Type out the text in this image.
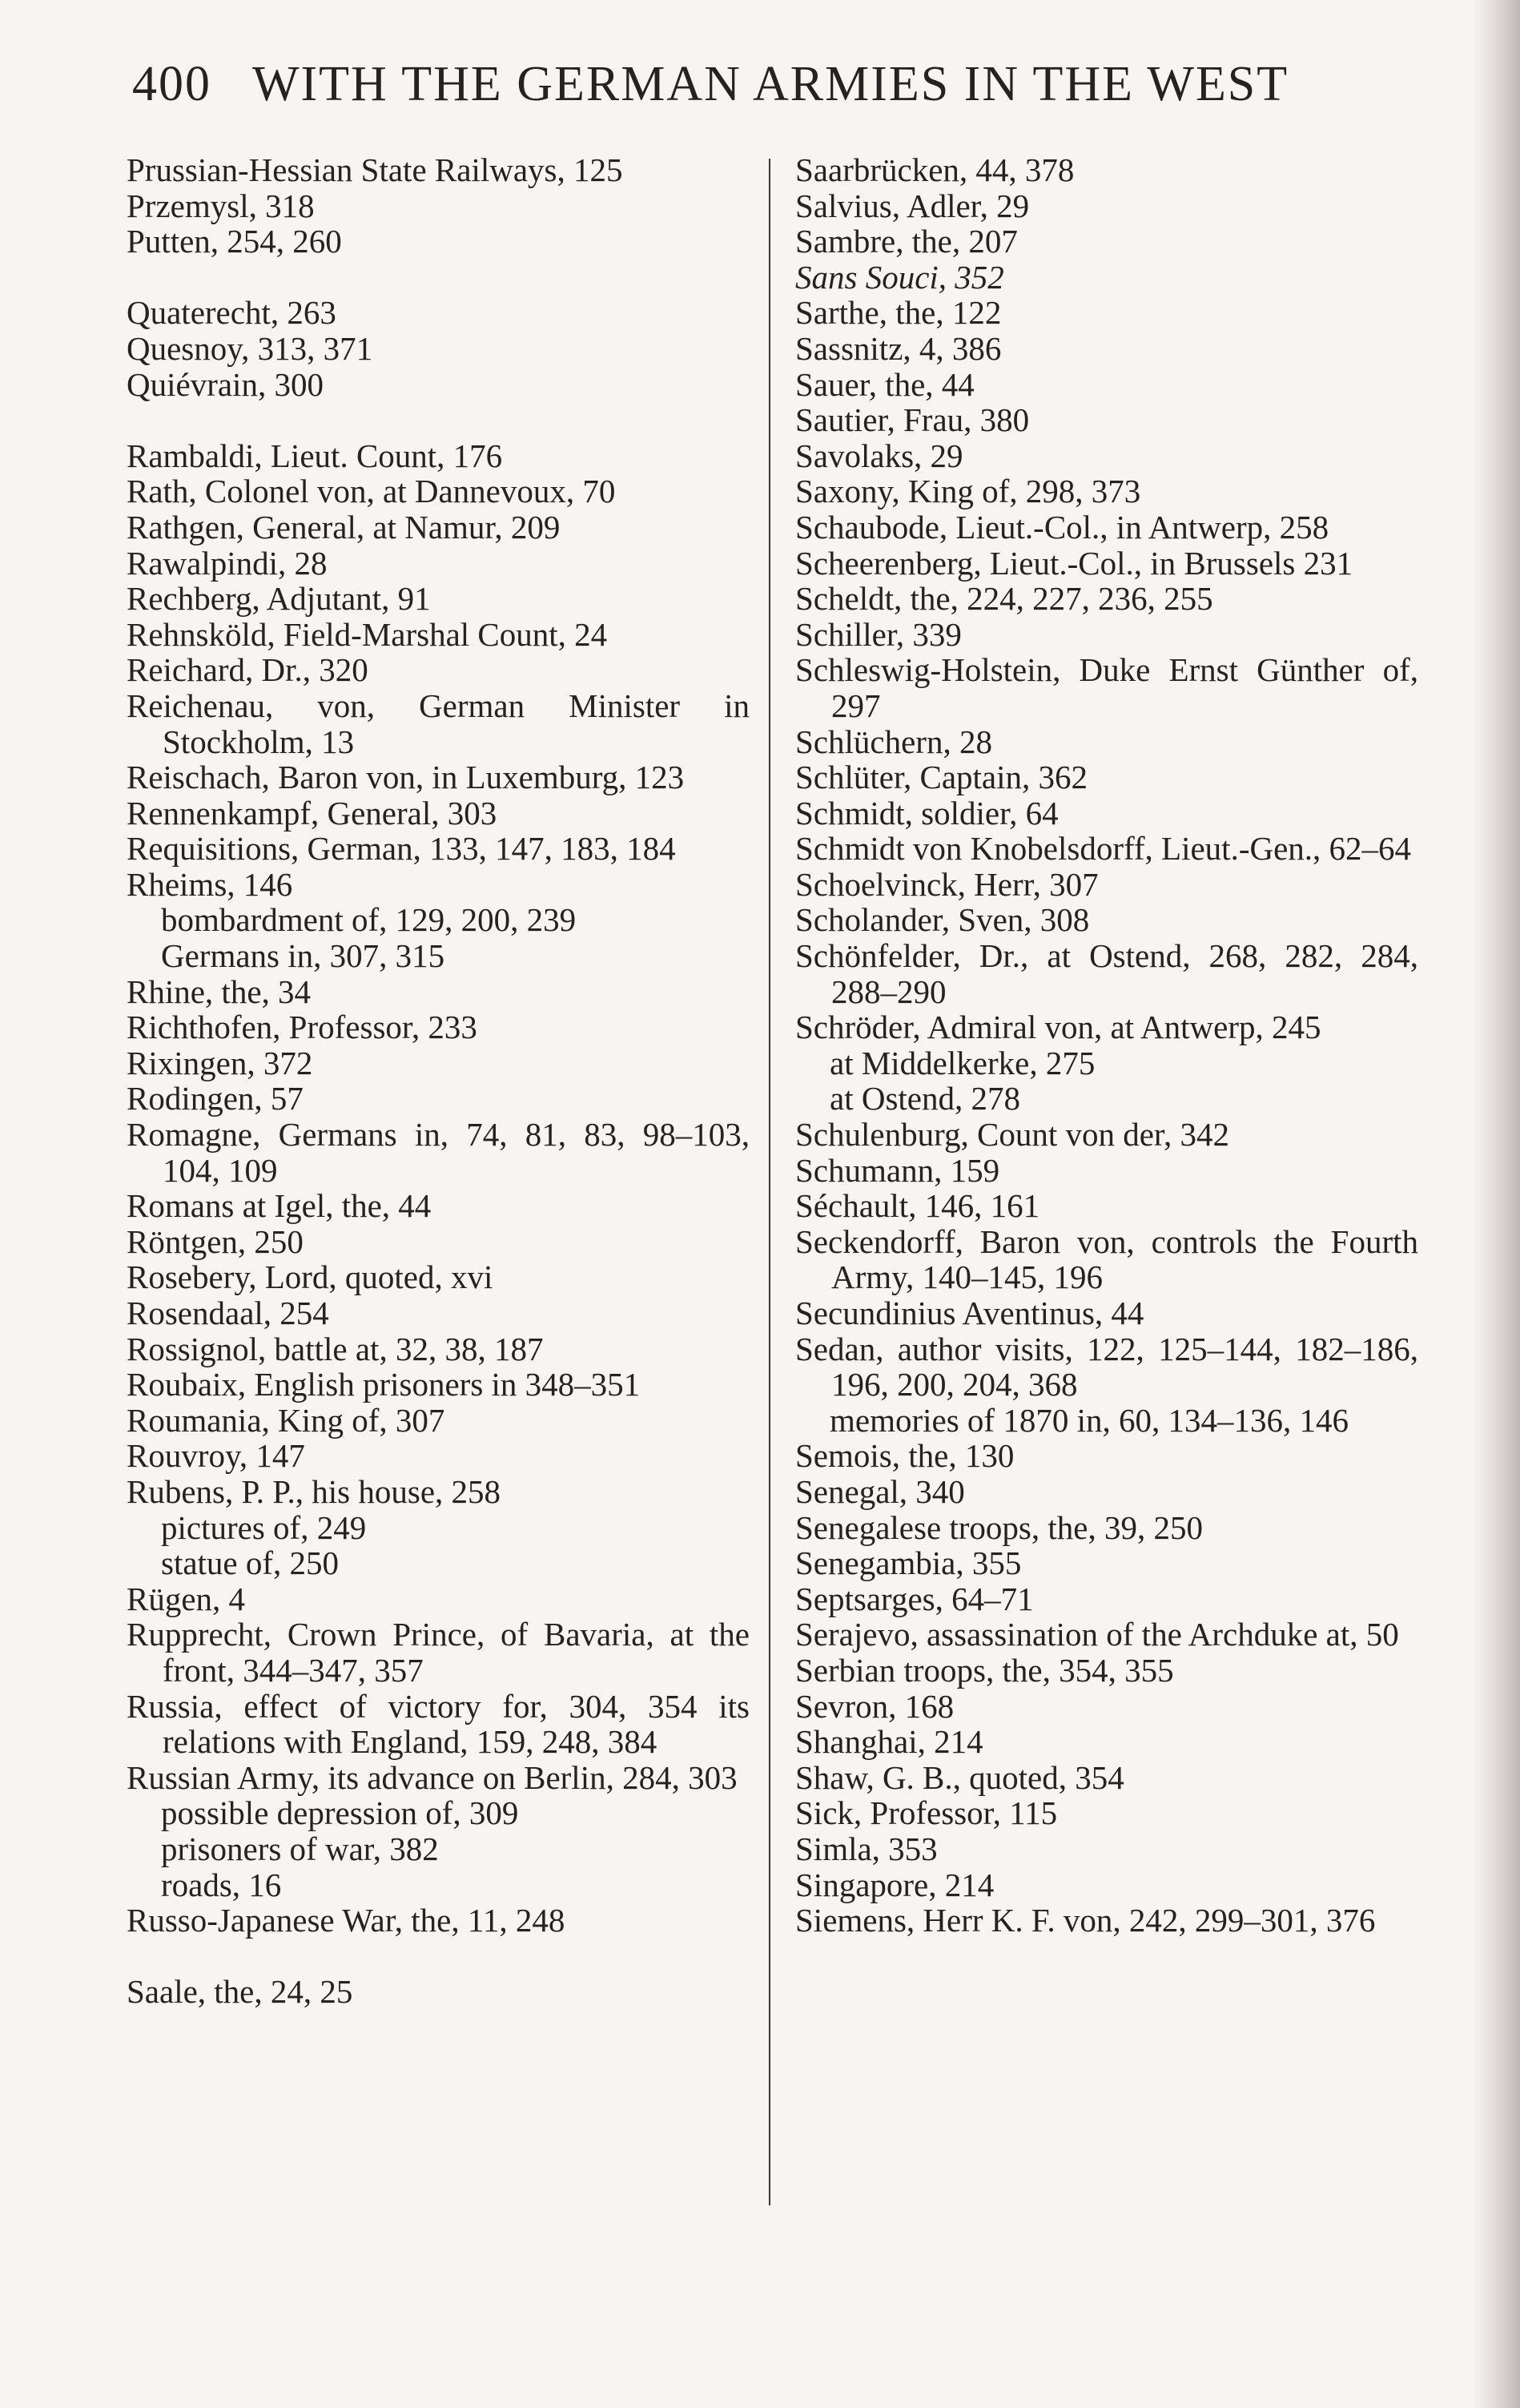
400 WITH THE GERMAN ARMIES IN THE WEST

Prussian-Hessian State Railways, 125

Przemysl, 318

Putten, 254, 260

Quaterecht, 263

Quesnoy, 313, 371

Quiévrain, 300

Rambaldi, Lieut. Count, 176

Rath, Colonel von, at Dannevoux, 70

Rathgen, General, at Namur, 209

Rawalpindi, 28

Rechberg, Adjutant, 91

Rehnsköld, Field-Marshal Count, 24

Reichard, Dr., 320

Reichenau, von, German Minister in Stockholm, 13

Reischach, Baron von, in Luxemburg, 123

Rennenkampf, General, 303

Requisitions, German, 133, 147, 183, 184

Rheims, 146

bombardment of, 129, 200, 239

Germans in, 307, 315

Rhine, the, 34

Richthofen, Professor, 233

Rixingen, 372

Rodingen, 57

Romagne, Germans in, 74, 81, 83, 98–103, 104, 109

Romans at Igel, the, 44

Röntgen, 250

Rosebery, Lord, quoted, xvi

Rosendaal, 254

Rossignol, battle at, 32, 38, 187

Roubaix, English prisoners in 348–351

Roumania, King of, 307

Rouvroy, 147

Rubens, P. P., his house, 258

pictures of, 249

statue of, 250

Rügen, 4

Rupprecht, Crown Prince, of Bavaria, at the front, 344–347, 357

Russia, effect of victory for, 304, 354 its relations with England, 159, 248, 384

Russian Army, its advance on Berlin, 284, 303

possible depression of, 309

prisoners of war, 382

roads, 16

Russo-Japanese War, the, 11, 248

Saale, the, 24, 25

Saarbrücken, 44, 378

Salvius, Adler, 29

Sambre, the, 207

Sans Souci, 352

Sarthe, the, 122

Sassnitz, 4, 386

Sauer, the, 44

Sautier, Frau, 380

Savolaks, 29

Saxony, King of, 298, 373

Schaubode, Lieut.-Col., in Antwerp, 258

Scheerenberg, Lieut.-Col., in Brussels 231

Scheldt, the, 224, 227, 236, 255

Schiller, 339

Schleswig-Holstein, Duke Ernst Günther of, 297

Schlüchern, 28

Schlüter, Captain, 362

Schmidt, soldier, 64

Schmidt von Knobelsdorff, Lieut.-Gen., 62–64

Schoelvinck, Herr, 307

Scholander, Sven, 308

Schönfelder, Dr., at Ostend, 268, 282, 284, 288–290

Schröder, Admiral von, at Antwerp, 245

at Middelkerke, 275

at Ostend, 278

Schulenburg, Count von der, 342

Schumann, 159

Séchault, 146, 161

Seckendorff, Baron von, controls the Fourth Army, 140–145, 196

Secundinius Aventinus, 44

Sedan, author visits, 122, 125–144, 182–186, 196, 200, 204, 368

memories of 1870 in, 60, 134–136, 146

Semois, the, 130

Senegal, 340

Senegalese troops, the, 39, 250

Senegambia, 355

Septsarges, 64–71

Serajevo, assassination of the Archduke at, 50

Serbian troops, the, 354, 355

Sevron, 168

Shanghai, 214

Shaw, G. B., quoted, 354

Sick, Professor, 115

Simla, 353

Singapore, 214

Siemens, Herr K. F. von, 242, 299–301, 376
